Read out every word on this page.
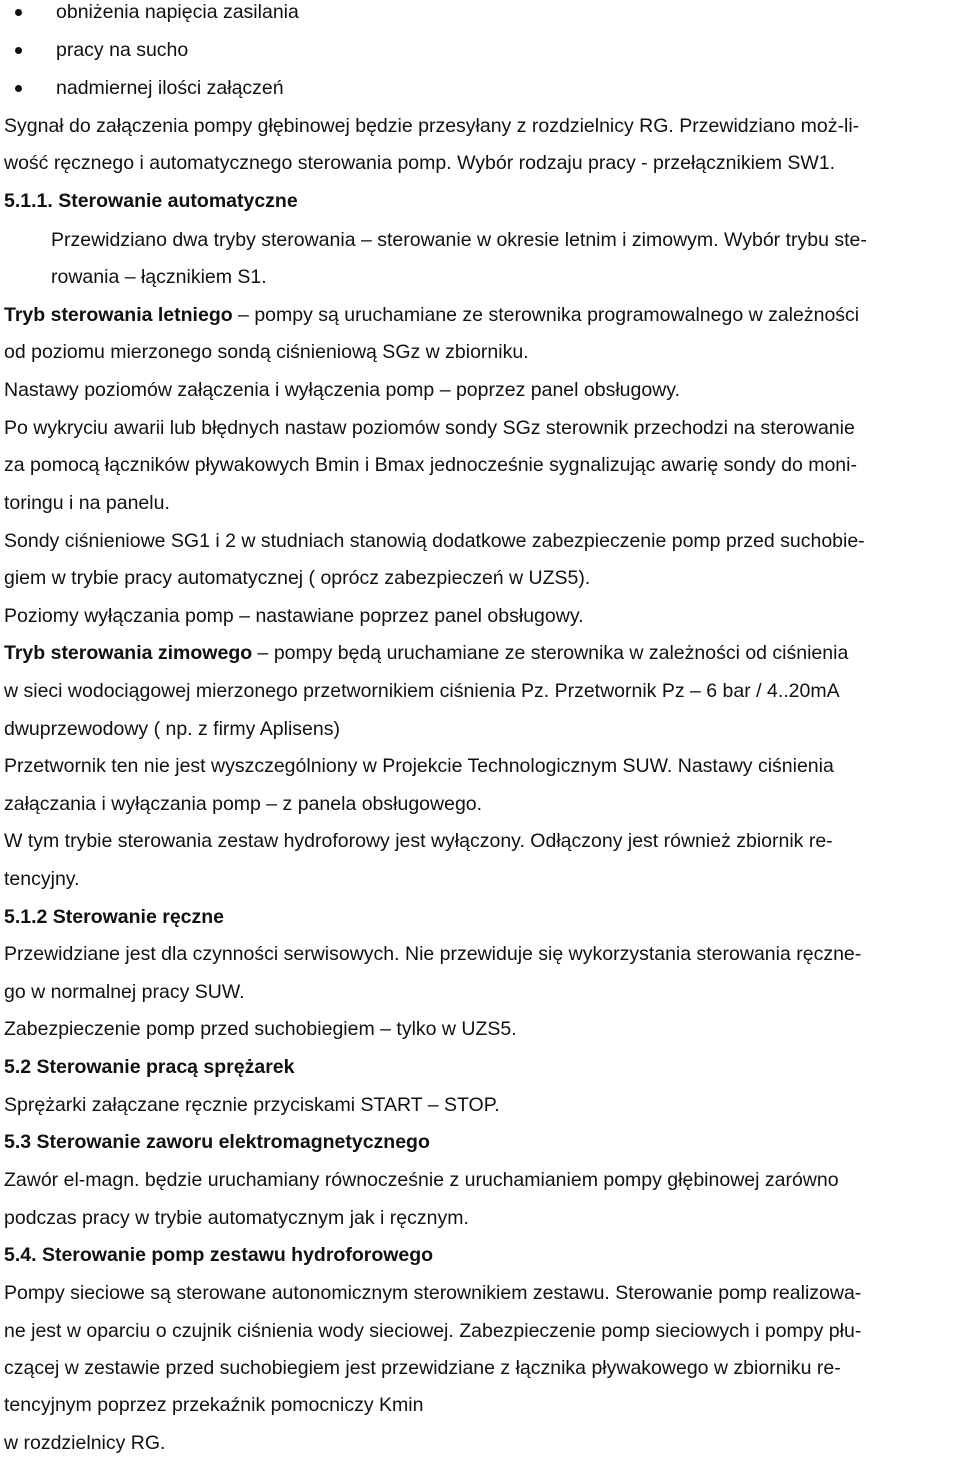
obniżenia napięcia zasilania
pracy na sucho
nadmiernej ilości załączeń

Sygnał do załączenia pompy głębinowej będzie przesyłany z rozdzielnicy RG. Przewidziano moż-li-

wość ręcznego i automatycznego sterowania pomp. Wybór rodzaju pracy - przełącznikiem SW1.

5.1.1. Sterowanie automatyczne

Przewidziano dwa tryby sterowania – sterowanie w okresie letnim i zimowym. Wybór trybu ste-

rowania – łącznikiem S1.

Tryb sterowania letniego – pompy są uruchamiane ze sterownika programowalnego w zależności

od poziomu mierzonego sondą ciśnieniową SGz w zbiorniku.

Nastawy poziomów załączenia i wyłączenia pomp – poprzez panel obsługowy.

Po wykryciu awarii lub błędnych nastaw poziomów sondy SGz sterownik przechodzi na sterowanie

za pomocą łączników pływakowych Bmin i Bmax jednocześnie sygnalizując awarię sondy do moni-

toringu i na panelu.

Sondy ciśnieniowe SG1 i 2 w studniach stanowią dodatkowe zabezpieczenie pomp przed suchobie-

giem w trybie pracy automatycznej ( oprócz zabezpieczeń w UZS5).

Poziomy wyłączania pomp – nastawiane poprzez panel obsługowy.

Tryb sterowania zimowego – pompy będą uruchamiane ze sterownika w zależności od ciśnienia

w sieci wodociągowej mierzonego przetwornikiem ciśnienia Pz. Przetwornik Pz – 6 bar / 4..20mA

dwuprzewodowy ( np. z firmy Aplisens)

Przetwornik ten nie jest wyszczególniony w Projekcie Technologicznym SUW. Nastawy ciśnienia

załączania i wyłączania pomp – z panela obsługowego.

W tym trybie sterowania zestaw hydroforowy jest wyłączony. Odłączony jest również zbiornik re-

tencyjny.

5.1.2 Sterowanie ręczne

Przewidziane jest dla czynności serwisowych. Nie przewiduje się wykorzystania sterowania ręczne-

go w normalnej pracy SUW.

Zabezpieczenie pomp przed suchobiegiem – tylko w UZS5.

5.2 Sterowanie pracą sprężarek

Sprężarki załączane ręcznie przyciskami START – STOP.

5.3 Sterowanie zaworu elektromagnetycznego

Zawór el-magn. będzie uruchamiany równocześnie z uruchamianiem pompy głębinowej zarówno

podczas pracy w trybie automatycznym jak i ręcznym.

5.4. Sterowanie pomp zestawu hydroforowego

Pompy sieciowe są sterowane autonomicznym sterownikiem zestawu. Sterowanie pomp realizowa-

ne jest w oparciu o czujnik ciśnienia wody sieciowej. Zabezpieczenie pomp sieciowych i pompy płu-

czącej w zestawie przed suchobiegiem jest przewidziane z łącznika pływakowego w zbiorniku re-

tencyjnym poprzez przekaźnik pomocniczy Kmin

w rozdzielnicy RG.
